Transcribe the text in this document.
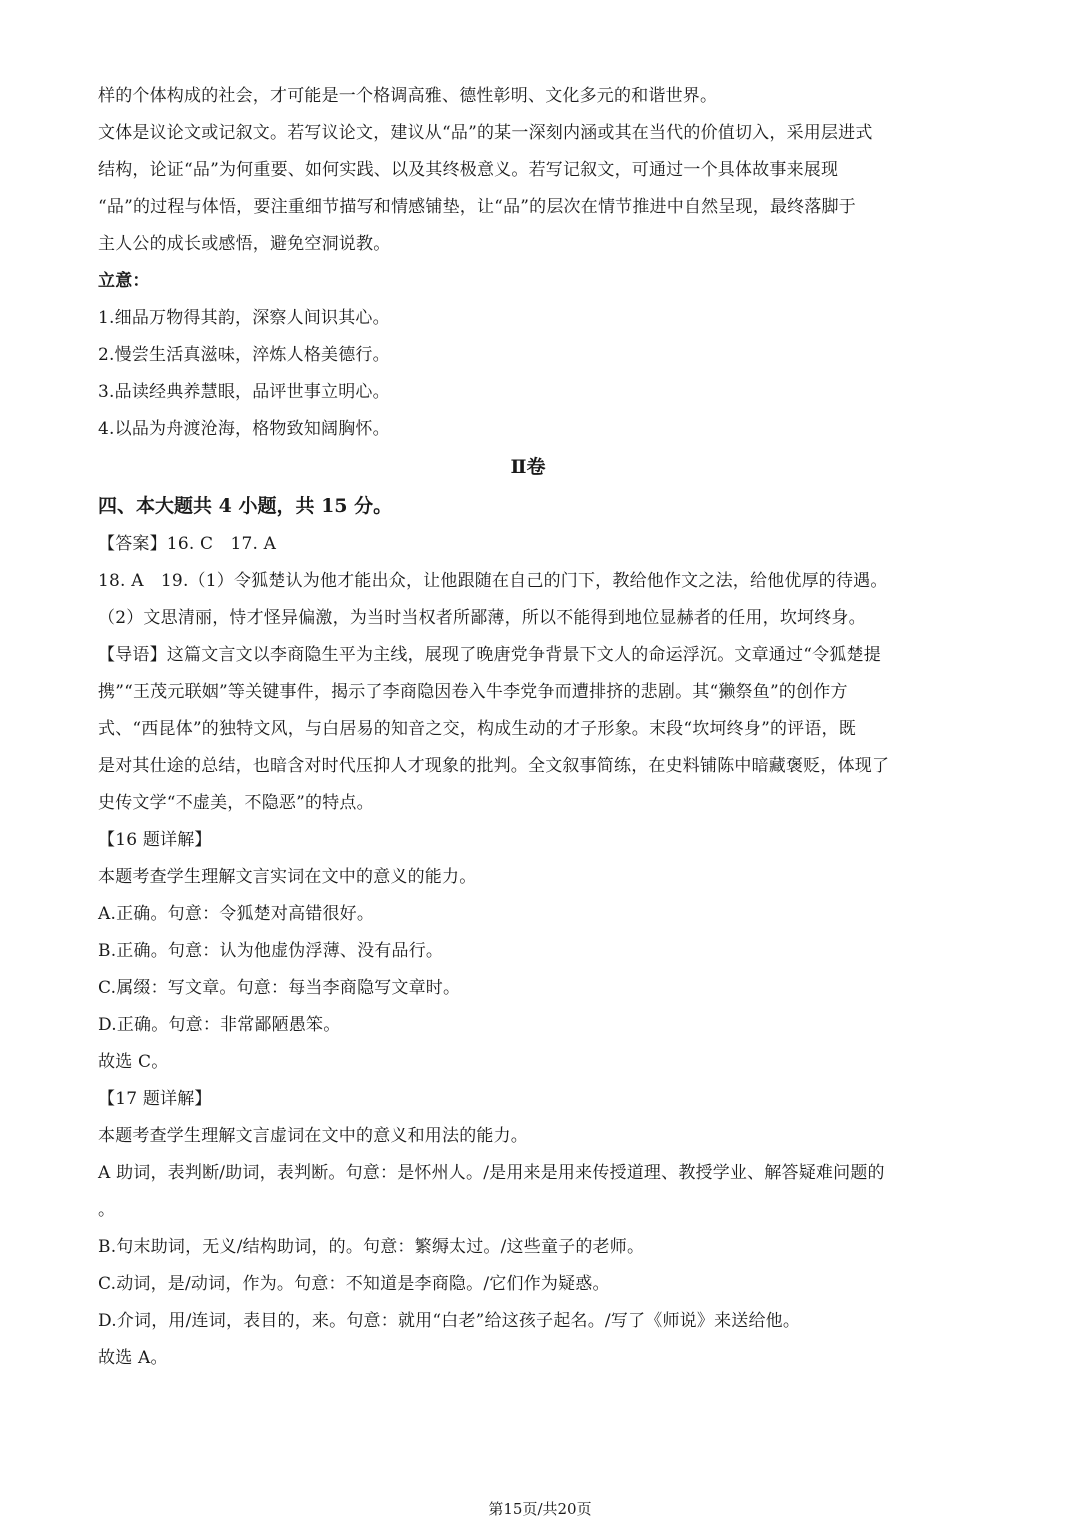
样的个体构成的社会，才可能是一个格调高雅、德性彰明、文化多元的和谐世界。
文体是议论文或记叙文。若写议论文，建议从“品”的某一深刻内涵或其在当代的价值切入，采用层进式
结构，论证“品”为何重要、如何实践、以及其终极意义。若写记叙文，可通过一个具体故事来展现
“品”的过程与体悟，要注重细节描写和情感铺垫，让“品”的层次在情节推进中自然呈现，最终落脚于
主人公的成长或感悟，避免空洞说教。
立意：
1.细品万物得其韵，深察人间识其心。
2.慢尝生活真滋味，淬炼人格美德行。
3.品读经典养慧眼，品评世事立明心。
4.以品为舟渡沧海，格物致知阔胸怀。
Ⅱ卷
四、本大题共 4 小题，共 15 分。
【答案】16. C　17. A
18. A　19.（1）令狐楚认为他才能出众，让他跟随在自己的门下，教给他作文之法，给他优厚的待遇。
（2）文思清丽，恃才怪异偏激，为当时当权者所鄙薄，所以不能得到地位显赫者的任用，坎坷终身。
【导语】这篇文言文以李商隐生平为主线，展现了晚唐党争背景下文人的命运浮沉。文章通过“令狐楚提
携”“王茂元联姻”等关键事件，揭示了李商隐因卷入牛李党争而遭排挤的悲剧。其“獭祭鱼”的创作方
式、“西昆体”的独特文风，与白居易的知音之交，构成生动的才子形象。末段“坎坷终身”的评语，既
是对其仕途的总结，也暗含对时代压抑人才现象的批判。全文叙事简练，在史料铺陈中暗藏褒贬，体现了
史传文学“不虚美，不隐恶”的特点。
【16 题详解】
本题考查学生理解文言实词在文中的意义的能力。
A.正确。句意：令狐楚对高错很好。
B.正确。句意：认为他虚伪浮薄、没有品行。
C.属缀：写文章。句意：每当李商隐写文章时。
D.正确。句意：非常鄙陋愚笨。
故选 C。
【17 题详解】
本题考查学生理解文言虚词在文中的意义和用法的能力。
A 助词，表判断/助词，表判断。句意：是怀州人。/是用来是用来传授道理、教授学业、解答疑难问题的
。
B.句末助词，无义/结构助词，的。句意：繁缛太过。/这些童子的老师。
C.动词，是/动词，作为。句意：不知道是李商隐。/它们作为疑惑。
D.介词，用/连词，表目的，来。句意：就用“白老”给这孩子起名。/写了《师说》来送给他。
故选 A。
第15页/共20页
